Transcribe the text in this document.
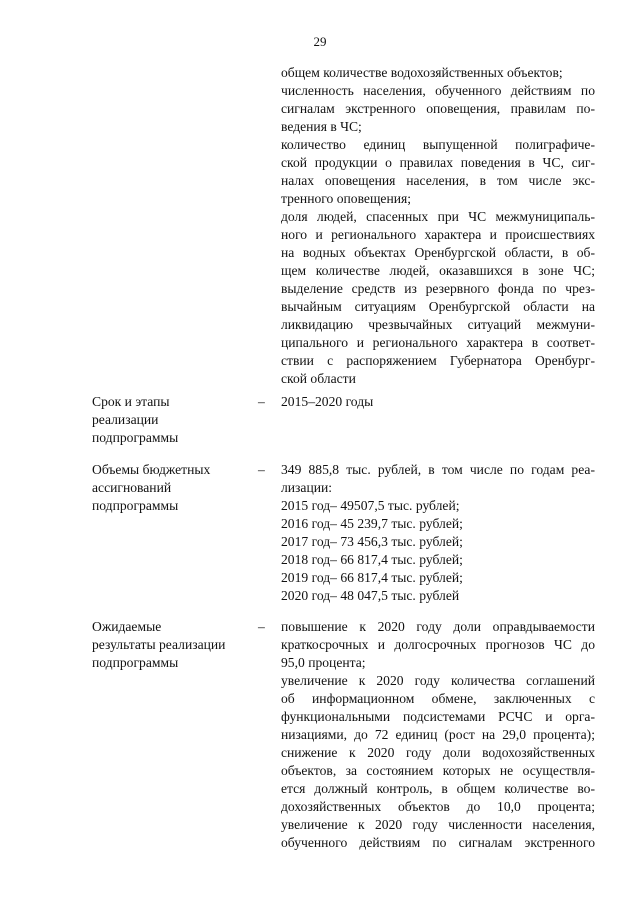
29
общем количестве водохозяйственных объектов;
численность населения, обученного действиям по
сигналам экстренного оповещения, правилам по-
ведения в ЧС;
количество единиц выпущенной полиграфиче-
ской продукции о правилах поведения в ЧС, сиг-
налах оповещения населения, в том числе экс-
тренного оповещения;
доля людей, спасенных при ЧС межмуниципаль-
ного и регионального характера и происшествиях
на водных объектах Оренбургской области, в об-
щем количестве людей, оказавшихся в зоне ЧС;
выделение средств из резервного фонда по чрез-
вычайным ситуациям Оренбургской области на
ликвидацию чрезвычайных ситуаций межмуни-
ципального и регионального характера в соответ-
ствии с распоряжением Губернатора Оренбург-
ской области
Срок и этапы
реализации
подпрограммы
– 2015–2020 годы
Объемы бюджетных
ассигнований
подпрограммы
– 349 885,8 тыс. рублей, в том числе по годам реа-
лизации:
2015 год– 49507,5 тыс. рублей;
2016 год– 45 239,7 тыс. рублей;
2017 год– 73 456,3 тыс. рублей;
2018 год– 66 817,4 тыс. рублей;
2019 год– 66 817,4 тыс. рублей;
2020 год– 48 047,5 тыс. рублей
Ожидаемые
результаты реализации
подпрограммы
– повышение к 2020 году доли оправдываемости
краткосрочных и долгосрочных прогнозов ЧС до
95,0 процента;
увеличение к 2020 году количества соглашений
об информационном обмене, заключенных с
функциональными подсистемами РСЧС и орга-
низациями, до 72 единиц (рост на 29,0 процента);
снижение к 2020 году доли водохозяйственных
объектов, за состоянием которых не осуществля-
ется должный контроль, в общем количестве во-
дохозяйственных объектов до 10,0 процента;
увеличение к 2020 году численности населения,
обученного действиям по сигналам экстренного
